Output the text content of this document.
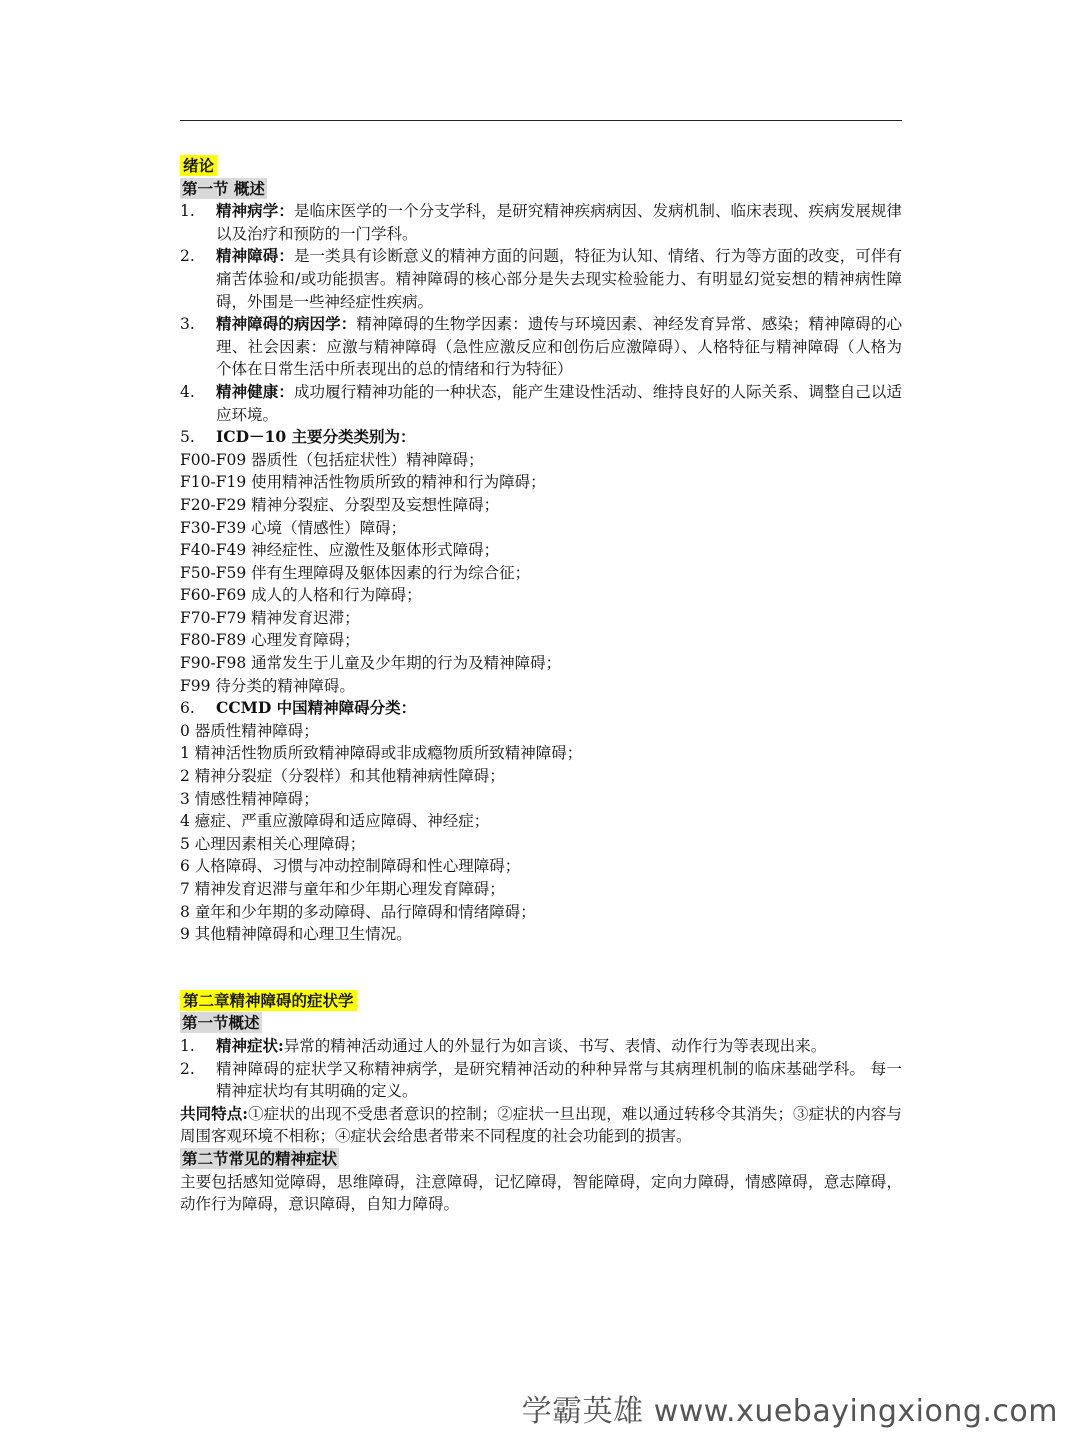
绪论
第一节 概述
1.	精神病学：是临床医学的一个分支学科，是研究精神疾病病因、发病机制、临床表现、疾病发展规律以及治疗和预防的一门学科。
2.	精神障碍：是一类具有诊断意义的精神方面的问题，特征为认知、情绪、行为等方面的改变，可伴有痛苦体验和/或功能损害。精神障碍的核心部分是失去现实检验能力、有明显幻觉妄想的精神病性障碍，外围是一些神经症性疾病。
3.	精神障碍的病因学：精神障碍的生物学因素：遗传与环境因素、神经发育异常、感染；精神障碍的心理、社会因素：应激与精神障碍（急性应激反应和创伤后应激障碍）、人格特征与精神障碍（人格为个体在日常生活中所表现出的总的情绪和行为特征）
4.	精神健康：成功履行精神功能的一种状态，能产生建设性活动、维持良好的人际关系、调整自己以适应环境。
5.	ICD－10 主要分类类别为：

F00-F09 器质性（包括症状性）精神障碍；

F10-F19 使用精神活性物质所致的精神和行为障碍；

F20-F29 精神分裂症、分裂型及妄想性障碍；

F30-F39 心境（情感性）障碍；

F40-F49 神经症性、应激性及躯体形式障碍；

F50-F59 伴有生理障碍及躯体因素的行为综合征；

F60-F69 成人的人格和行为障碍；

F70-F79 精神发育迟滞；

F80-F89 心理发育障碍；

F90-F98 通常发生于儿童及少年期的行为及精神障碍；

F99 待分类的精神障碍。

6.	CCMD 中国精神障碍分类：

0 器质性精神障碍；

1 精神活性物质所致精神障碍或非成瘾物质所致精神障碍；

2 精神分裂症（分裂样）和其他精神病性障碍；

3 情感性精神障碍；

4 癔症、严重应激障碍和适应障碍、神经症；

5 心理因素相关心理障碍；

6 人格障碍、习惯与冲动控制障碍和性心理障碍；

7 精神发育迟滞与童年和少年期心理发育障碍；

8 童年和少年期的多动障碍、品行障碍和情绪障碍；

9 其他精神障碍和心理卫生情况。

第二章精神障碍的症状学
第一节概述
1.	精神症状:异常的精神活动通过人的外显行为如言谈、书写、表情、动作行为等表现出来。
2.	精神障碍的症状学又称精神病学，是研究精神活动的种种异常与其病理机制的临床基础学科。 每一精神症状均有其明确的定义。

共同特点:①症状的出现不受患者意识的控制；②症状一旦出现，难以通过转移令其消失；③症状的内容与周围客观环境不相称；④症状会给患者带来不同程度的社会功能到的损害。

第二节常见的精神症状

主要包括感知觉障碍，思维障碍，注意障碍，记忆障碍，智能障碍，定向力障碍，情感障碍，意志障碍，动作行为障碍，意识障碍，自知力障碍。

学霸英雄 www.xuebayingxiong.com
